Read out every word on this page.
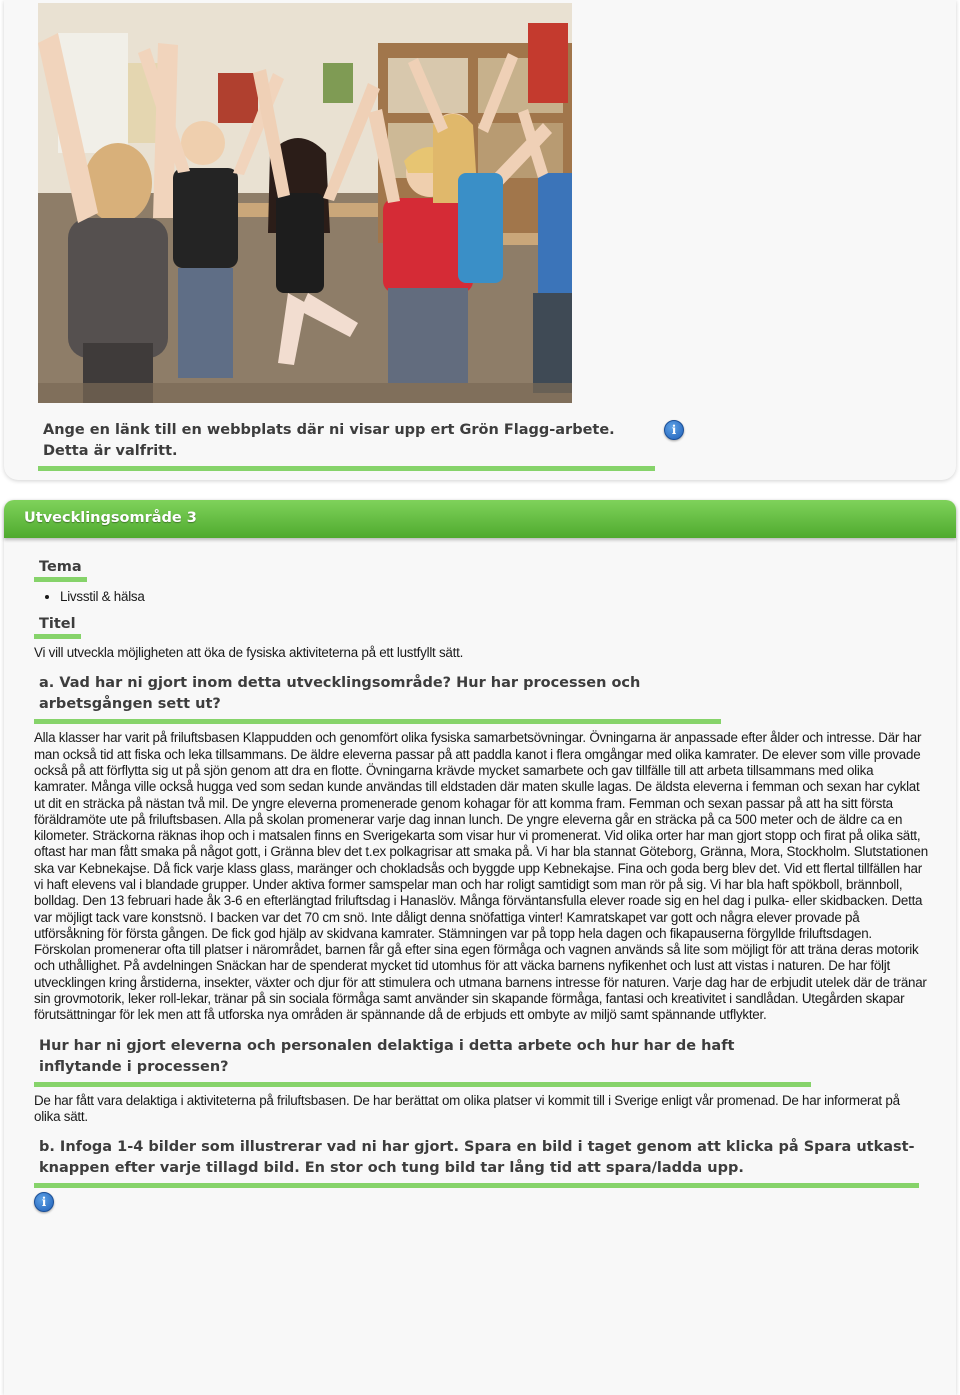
Ange en länk till en webbplats där ni visar upp ert Grön Flagg-arbete. Detta är valfritt.
i
Utvecklingsområde 3
Tema
• Livsstil & hälsa
Titel

Vi vill utveckla möjligheten att öka de fysiska aktiviteterna på ett lustfyllt sätt.

a. Vad har ni gjort inom detta utvecklingsområde? Hur har processen och arbetsgången sett ut?

Alla klasser har varit på friluftsbasen Klappudden och genomfört olika fysiska samarbetsövningar. Övningarna är anpassade efter ålder och intresse. Där har man också tid att fiska och leka tillsammans. De äldre eleverna passar på att paddla kanot i flera omgångar med olika kamrater. De elever som ville provade också på att förflytta sig ut på sjön genom att dra en flotte. Övningarna krävde mycket samarbete och gav tillfälle till att arbeta tillsammans med olika kamrater. Många ville också hugga ved som sedan kunde användas till eldstaden där maten skulle lagas. De äldsta eleverna i femman och sexan har cyklat ut dit en sträcka på nästan två mil. De yngre eleverna promenerade genom kohagar för att komma fram. Femman och sexan passar på att ha sitt första föräldramöte ute på friluftsbasen. Alla på skolan promenerar varje dag innan lunch. De yngre eleverna går en sträcka på ca 500 meter och de äldre ca en kilometer. Sträckorna räknas ihop och i matsalen finns en Sverigekarta som visar hur vi promenerat. Vid olika orter har man gjort stopp och firat på olika sätt, oftast har man fått smaka på något gott, i Gränna blev det t.ex polkagrisar att smaka på. Vi har bla stannat Göteborg, Gränna, Mora, Stockholm. Slutstationen ska var Kebnekajse. Då fick varje klass glass, maränger och chokladsås och byggde upp Kebnekajse. Fina och goda berg blev det. Vid ett flertal tillfällen har vi haft elevens val i blandade grupper. Under aktiva former samspelar man och har roligt samtidigt som man rör på sig. Vi har bla haft spökboll, brännboll, bolldag. Den 13 februari hade åk 3-6 en efterlängtad friluftsdag i Hanaslöv. Många förväntansfulla elever roade sig en hel dag i pulka- eller skidbacken. Detta var möjligt tack vare konstsnö. I backen var det 70 cm snö. Inte dåligt denna snöfattiga vinter! Kamratskapet var gott och några elever provade på utförsåkning för första gången. De fick god hjälp av skidvana kamrater. Stämningen var på topp hela dagen och fikapauserna förgyllde friluftsdagen. Förskolan promenerar ofta till platser i närområdet, barnen får gå efter sina egen förmåga och vagnen används så lite som möjligt för att träna deras motorik och uthållighet. På avdelningen Snäckan har de spenderat mycket tid utomhus för att väcka barnens nyfikenhet och lust att vistas i naturen. De har följt utvecklingen kring årstiderna, insekter, växter och djur för att stimulera och utmana barnens intresse för naturen. Varje dag har de erbjudit utelek där de tränar sin grovmotorik, leker roll-lekar, tränar på sin sociala förmåga samt använder sin skapande förmåga, fantasi och kreativitet i sandlådan. Utegården skapar förutsättningar för lek men att få utforska nya områden är spännande då de erbjuds ett ombyte av miljö samt spännande utflykter.

Hur har ni gjort eleverna och personalen delaktiga i detta arbete och hur har de haft inflytande i processen?

De har fått vara delaktiga i aktiviteterna på friluftsbasen. De har berättat om olika platser vi kommit till i Sverige enligt vår promenad. De har informerat på olika sätt.

b. Infoga 1-4 bilder som illustrerar vad ni har gjort. Spara en bild i taget genom att klicka på Spara utkast-knappen efter varje tillagd bild. En stor och tung bild tar lång tid att spara/ladda upp.
i
